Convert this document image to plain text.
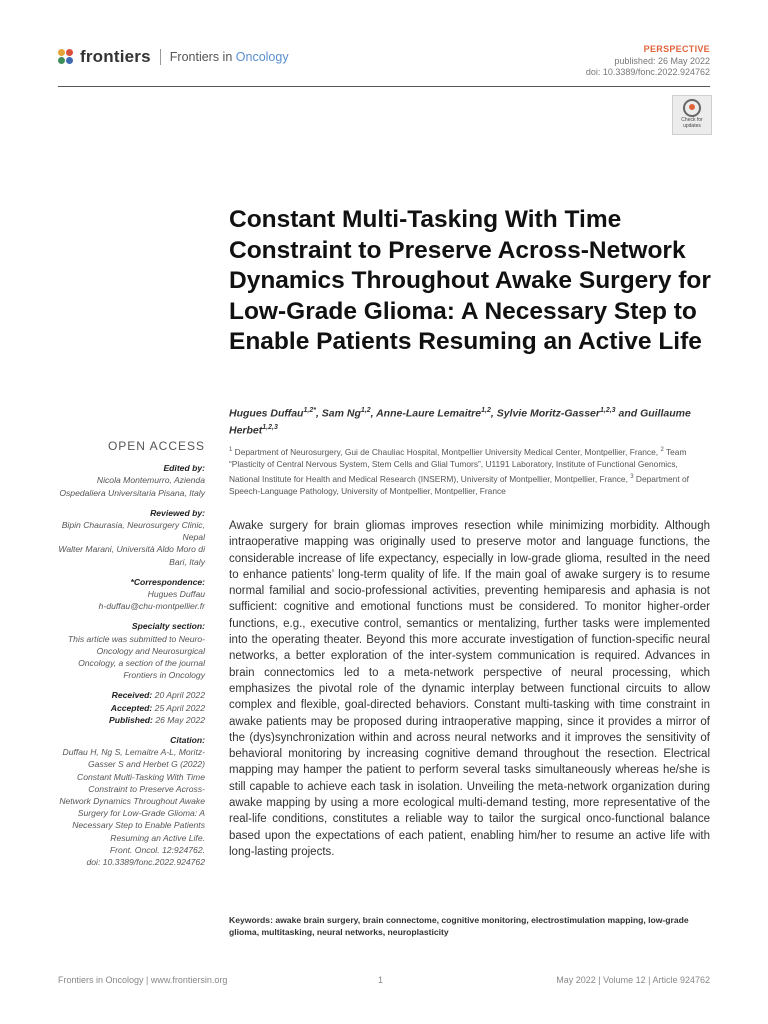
frontiers Frontiers in Oncology
PERSPECTIVE
published: 26 May 2022
doi: 10.3389/fonc.2022.924762
Check for updates
Constant Multi-Tasking With Time Constraint to Preserve Across-Network Dynamics Throughout Awake Surgery for Low-Grade Glioma: A Necessary Step to Enable Patients Resuming an Active Life
Hugues Duffau$^{1,2*}$, Sam Ng$^{1,2}$, Anne-Laure Lemaitre$^{1,2}$, Sylvie Moritz-Gasser$^{1,2,3}$ and Guillaume Herbet$^{1,2,3}$
$^1$ Department of Neurosurgery, Gui de Chauliac Hospital, Montpellier University Medical Center, Montpellier, France, $^2$ Team “Plasticity of Central Nervous System, Stem Cells and Glial Tumors”, U1191 Laboratory, Institute of Functional Genomics, National Institute for Health and Medical Research (INSERM), University of Montpellier, Montpellier, France, $^3$ Department of Speech-Language Pathology, University of Montpellier, Montpellier, France
OPEN ACCESS
Edited by:
Nicola Montemurro, Azienda Ospedaliera Universitaria Pisana, Italy
Reviewed by:
Bipin Chaurasia, Neurosurgery Clinic, Nepal
Walter Marani, Università Aldo Moro di Bari, Italy
*Correspondence:
Hugues Duffau
h-duffau@chu-montpellier.fr
Specialty section:
This article was submitted to Neuro-Oncology and Neurosurgical Oncology, a section of the journal Frontiers in Oncology
Received: 20 April 2022
Accepted: 25 April 2022
Published: 26 May 2022
Citation:
Duffau H, Ng S, Lemaitre A-L, Moritz-Gasser S and Herbet G (2022) Constant Multi-Tasking With Time Constraint to Preserve Across-Network Dynamics Throughout Awake Surgery for Low-Grade Glioma: A Necessary Step to Enable Patients Resuming an Active Life.
Front. Oncol. 12:924762.
doi: 10.3389/fonc.2022.924762

Awake surgery for brain gliomas improves resection while minimizing morbidity. Although intraoperative mapping was originally used to preserve motor and language functions, the considerable increase of life expectancy, especially in low-grade glioma, resulted in the need to enhance patients’ long-term quality of life. If the main goal of awake surgery is to resume normal familial and socio-professional activities, preventing hemiparesis and aphasia is not sufficient: cognitive and emotional functions must be considered. To monitor higher-order functions, e.g., executive control, semantics or mentalizing, further tasks were implemented into the operating theater. Beyond this more accurate investigation of function-specific neural networks, a better exploration of the inter-system communication is required. Advances in brain connectomics led to a meta-network perspective of neural processing, which emphasizes the pivotal role of the dynamic interplay between functional circuits to allow complex and flexible, goal-directed behaviors. Constant multi-tasking with time constraint in awake patients may be proposed during intraoperative mapping, since it provides a mirror of the (dys)synchronization within and across neural networks and it improves the sensitivity of behavioral monitoring by increasing cognitive demand throughout the resection. Electrical mapping may hamper the patient to perform several tasks simultaneously whereas he/she is still capable to achieve each task in isolation. Unveiling the meta-network organization during awake mapping by using a more ecological multi-demand testing, more representative of the real-life conditions, constitutes a reliable way to tailor the surgical onco-functional balance based upon the expectations of each patient, enabling him/her to resume an active life with long-lasting projects.

Keywords: awake brain surgery, brain connectome, cognitive monitoring, electrostimulation mapping, low-grade glioma, multitasking, neural networks, neuroplasticity
Frontiers in Oncology | www.frontiersin.org	1	May 2022 | Volume 12 | Article 924762
